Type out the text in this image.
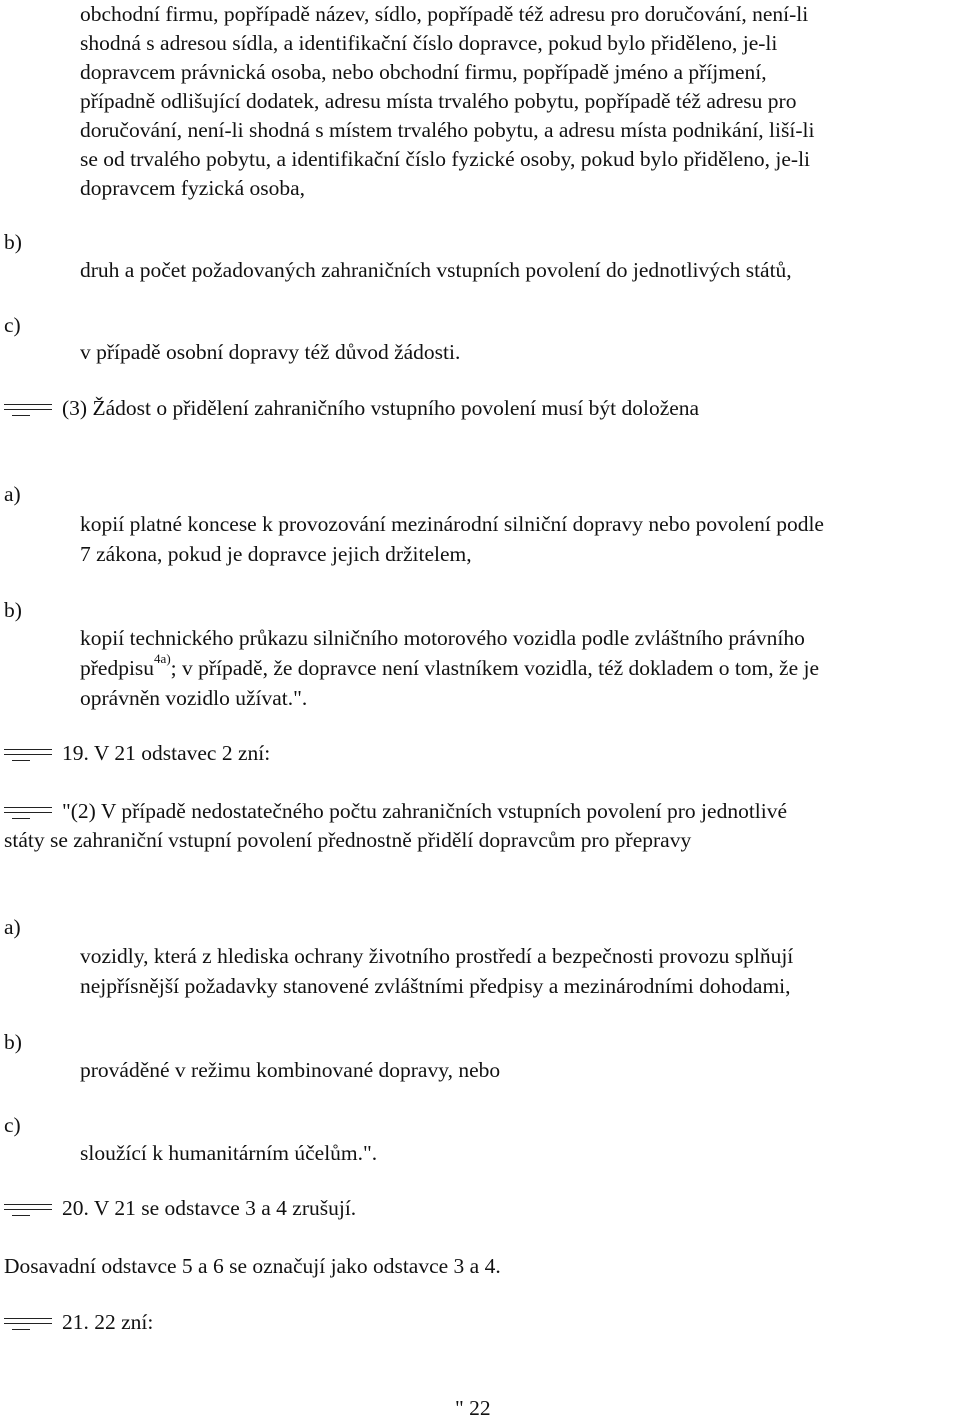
obchodní firmu, popřípadě název, sídlo, popřípadě též adresu pro doručování, není-li
shodná s adresou sídla, a identifikační číslo dopravce, pokud bylo přiděleno, je-li
dopravcem právnická osoba, nebo obchodní firmu, popřípadě jméno a příjmení,
případně odlišující dodatek, adresu místa trvalého pobytu, popřípadě též adresu pro
doručování, není-li shodná s místem trvalého pobytu, a adresu místa podnikání, liší-li
se od trvalého pobytu, a identifikační číslo fyzické osoby, pokud bylo přiděleno, je-li
dopravcem fyzická osoba,
b)
druh a počet požadovaných zahraničních vstupních povolení do jednotlivých států,
c)
v případě osobní dopravy též důvod žádosti.
(3) Žádost o přidělení zahraničního vstupního povolení musí být doložena
a)
kopií platné koncese k provozování mezinárodní silniční dopravy nebo povolení podle
7 zákona, pokud je dopravce jejich držitelem,
b)
kopií technického průkazu silničního motorového vozidla podle zvláštního právního
předpisu$^{4a)}$; v případě, že dopravce není vlastníkem vozidla, též dokladem o tom, že je
oprávněn vozidlo užívat.".
19. V 21 odstavec 2 zní:
"(2) V případě nedostatečného počtu zahraničních vstupních povolení pro jednotlivé
státy se zahraniční vstupní povolení přednostně přidělí dopravcům pro přepravy
a)
vozidly, která z hlediska ochrany životního prostředí a bezpečnosti provozu splňují
nejpřísnější požadavky stanovené zvláštními předpisy a mezinárodními dohodami,
b)
prováděné v režimu kombinované dopravy, nebo
c)
sloužící k humanitárním účelům.".
20. V 21 se odstavce 3 a 4 zrušují.
Dosavadní odstavce 5 a 6 se označují jako odstavce 3 a 4.
21. 22 zní:
" 22
